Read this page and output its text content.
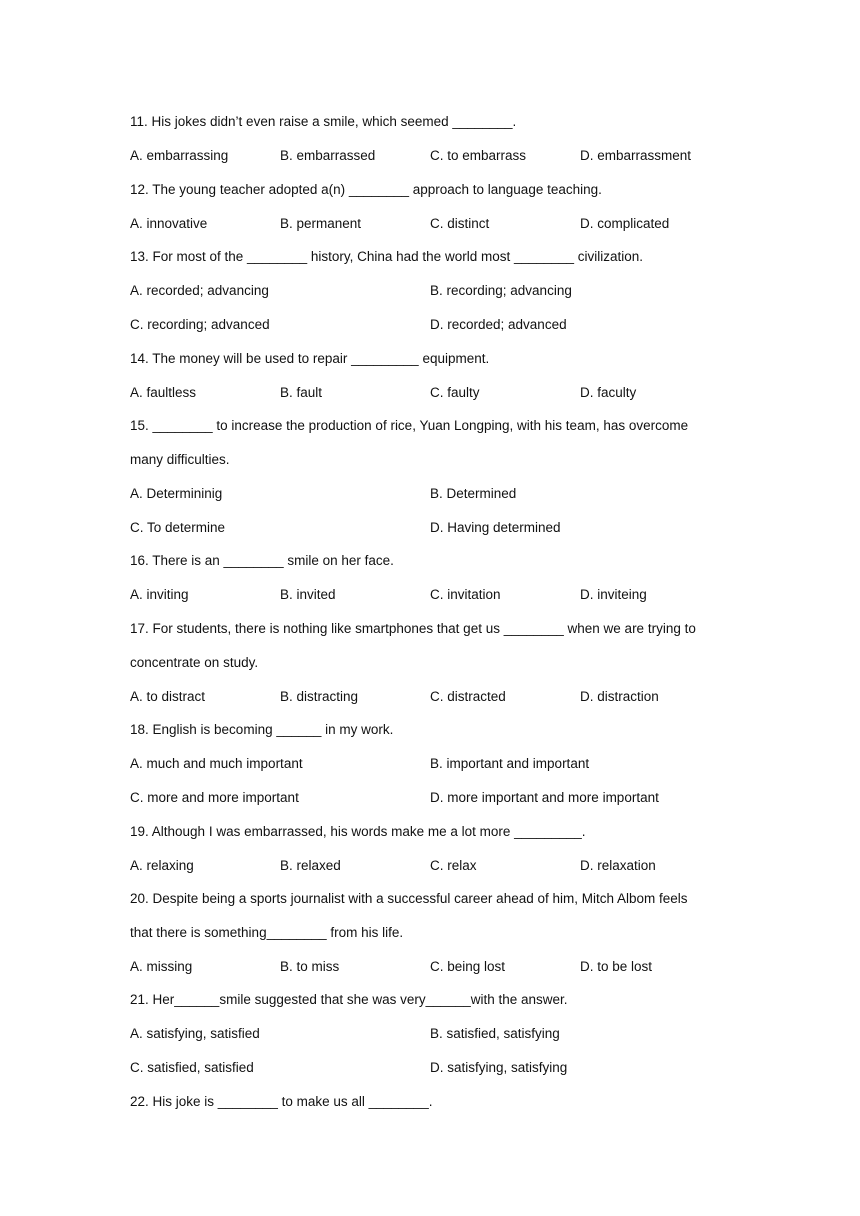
11. His jokes didn’t even raise a smile, which seemed ________.
A. embarrassing	B. embarrassed	C. to embarrass	D. embarrassment
12. The young teacher adopted a(n) ________ approach to language teaching.
A. innovative	B. permanent	C. distinct	D. complicated
13. For most of the ________ history, China had the world most ________ civilization.
A. recorded; advancing	B. recording; advancing
C. recording; advanced	D. recorded; advanced
14. The money will be used to repair _________ equipment.
A. faultless	B. fault	C. faulty	D. faculty
15. ________ to increase the production of rice, Yuan Longping, with his team, has overcome
many difficulties.
A. Determininig	B. Determined
C. To determine	D. Having determined
16. There is an ________ smile on her face.
A. inviting	B. invited	C. invitation	D. inviteing
17. For students, there is nothing like smartphones that get us ________ when we are trying to
concentrate on study.
A. to distract	B. distracting	C. distracted	D. distraction
18. English is becoming ______ in my work.
A. much and much important	B. important and important
C. more and more important	D. more important and more important
19. Although I was embarrassed, his words make me a lot more _________.
A. relaxing	B. relaxed	C. relax	D. relaxation
20. Despite being a sports journalist with a successful career ahead of him, Mitch Albom feels
that there is something________ from his life.
A. missing	B. to miss	C. being lost	D. to be lost
21. Her______smile suggested that she was very______with the answer.
A. satisfying, satisfied	B. satisfied, satisfying
C. satisfied, satisfied	D. satisfying, satisfying
22. His joke is ________ to make us all ________.
